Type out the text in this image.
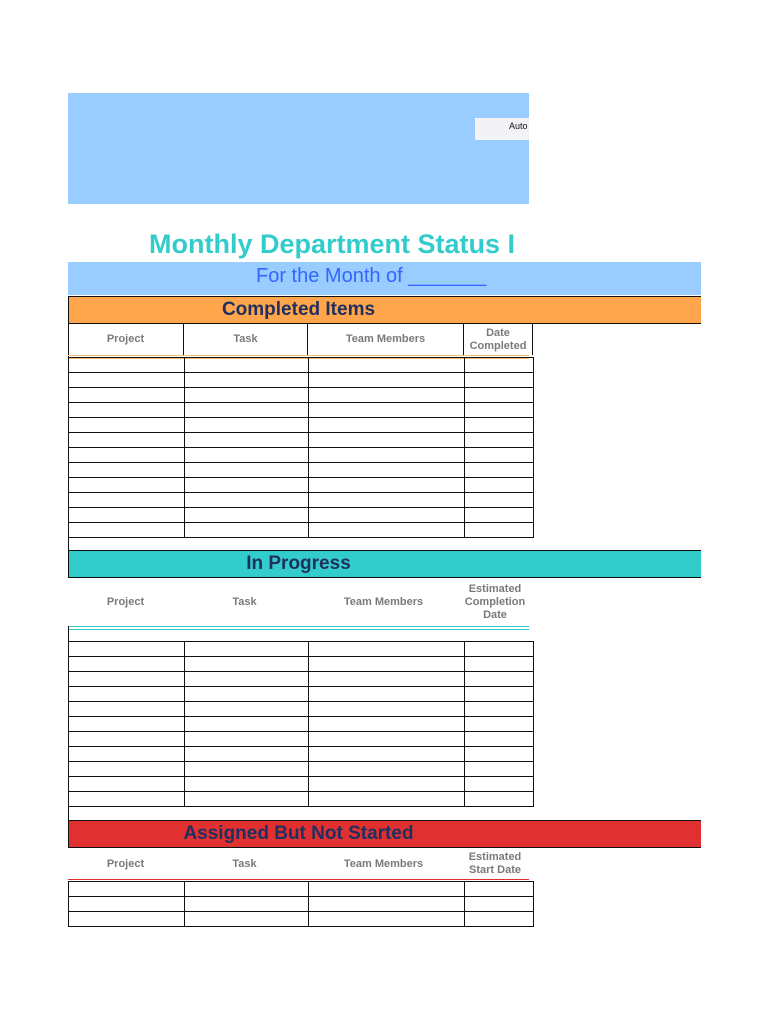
Auto
Monthly Department Status I
For the Month of _______
Completed Items
Project	Task	Team Members	Date Completed

In Progress
Project	Task	Team Members	Estimated Completion Date

Assigned But Not Started
Project	Task	Team Members	Estimated Start Date
